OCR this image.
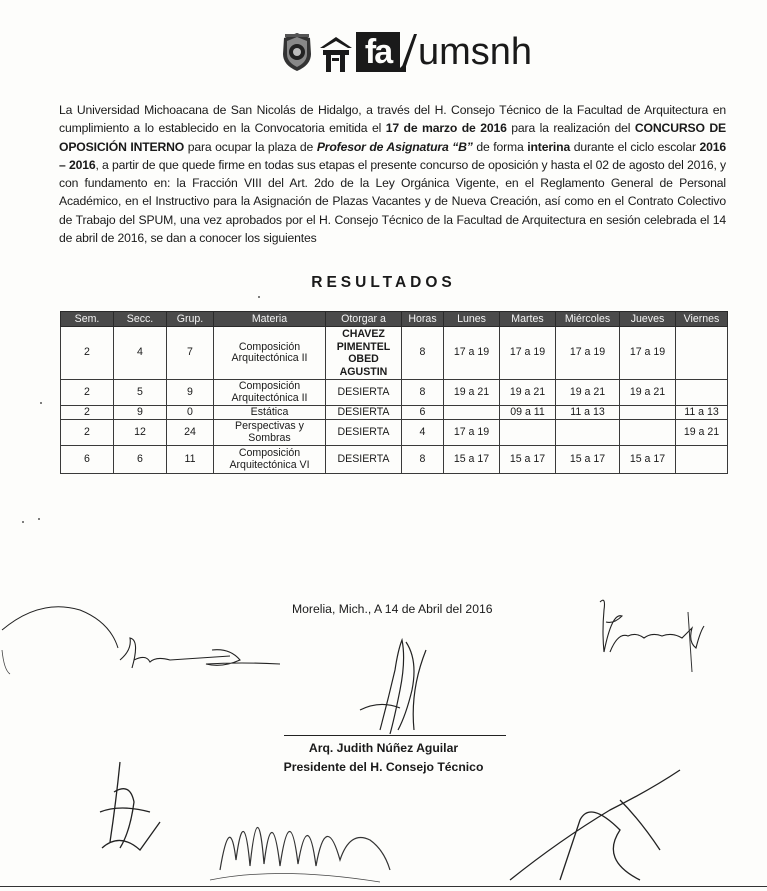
fa umsnh
La Universidad Michoacana de San Nicolás de Hidalgo, a través del H. Consejo Técnico de la Facultad de Arquitectura en cumplimiento a lo establecido en la Convocatoria emitida el 17 de marzo de 2016 para la realización del CONCURSO DE OPOSICIÓN INTERNO para ocupar la plaza de Profesor de Asignatura “B” de forma interina durante el ciclo escolar 2016 – 2016, a partir de que quede firme en todas sus etapas el presente concurso de oposición y hasta el 02 de agosto del 2016, y con fundamento en: la Fracción VIII del Art. 2do de la Ley Orgánica Vigente, en el Reglamento General de Personal Académico, en el Instructivo para la Asignación de Plazas Vacantes y de Nueva Creación, así como en el Contrato Colectivo de Trabajo del SPUM, una vez aprobados por el H. Consejo Técnico de la Facultad de Arquitectura en sesión celebrada el 14 de abril de 2016, se dan a conocer los siguientes
RESULTADOS
Sem.	Secc.	Grup.	Materia	Otorgar a	Horas	Lunes	Martes	Miércoles	Jueves	Viernes
2	4	7	Composición Arquitectónica II	CHAVEZ PIMENTEL OBED AGUSTIN	8	17 a 19	17 a 19	17 a 19	17 a 19	
2	5	9	Composición Arquitectónica II	DESIERTA	8	19 a 21	19 a 21	19 a 21	19 a 21	
2	9	0	Estática	DESIERTA	6		09 a 11	11 a 13		11 a 13
2	12	24	Perspectivas y Sombras	DESIERTA	4	17 a 19				19 a 21
6	6	11	Composición Arquitectónica VI	DESIERTA	8	15 a 17	15 a 17	15 a 17	15 a 17	
Morelia, Mich., A 14 de Abril del 2016
Arq. Judith Núñez Aguilar
Presidente del H. Consejo Técnico
